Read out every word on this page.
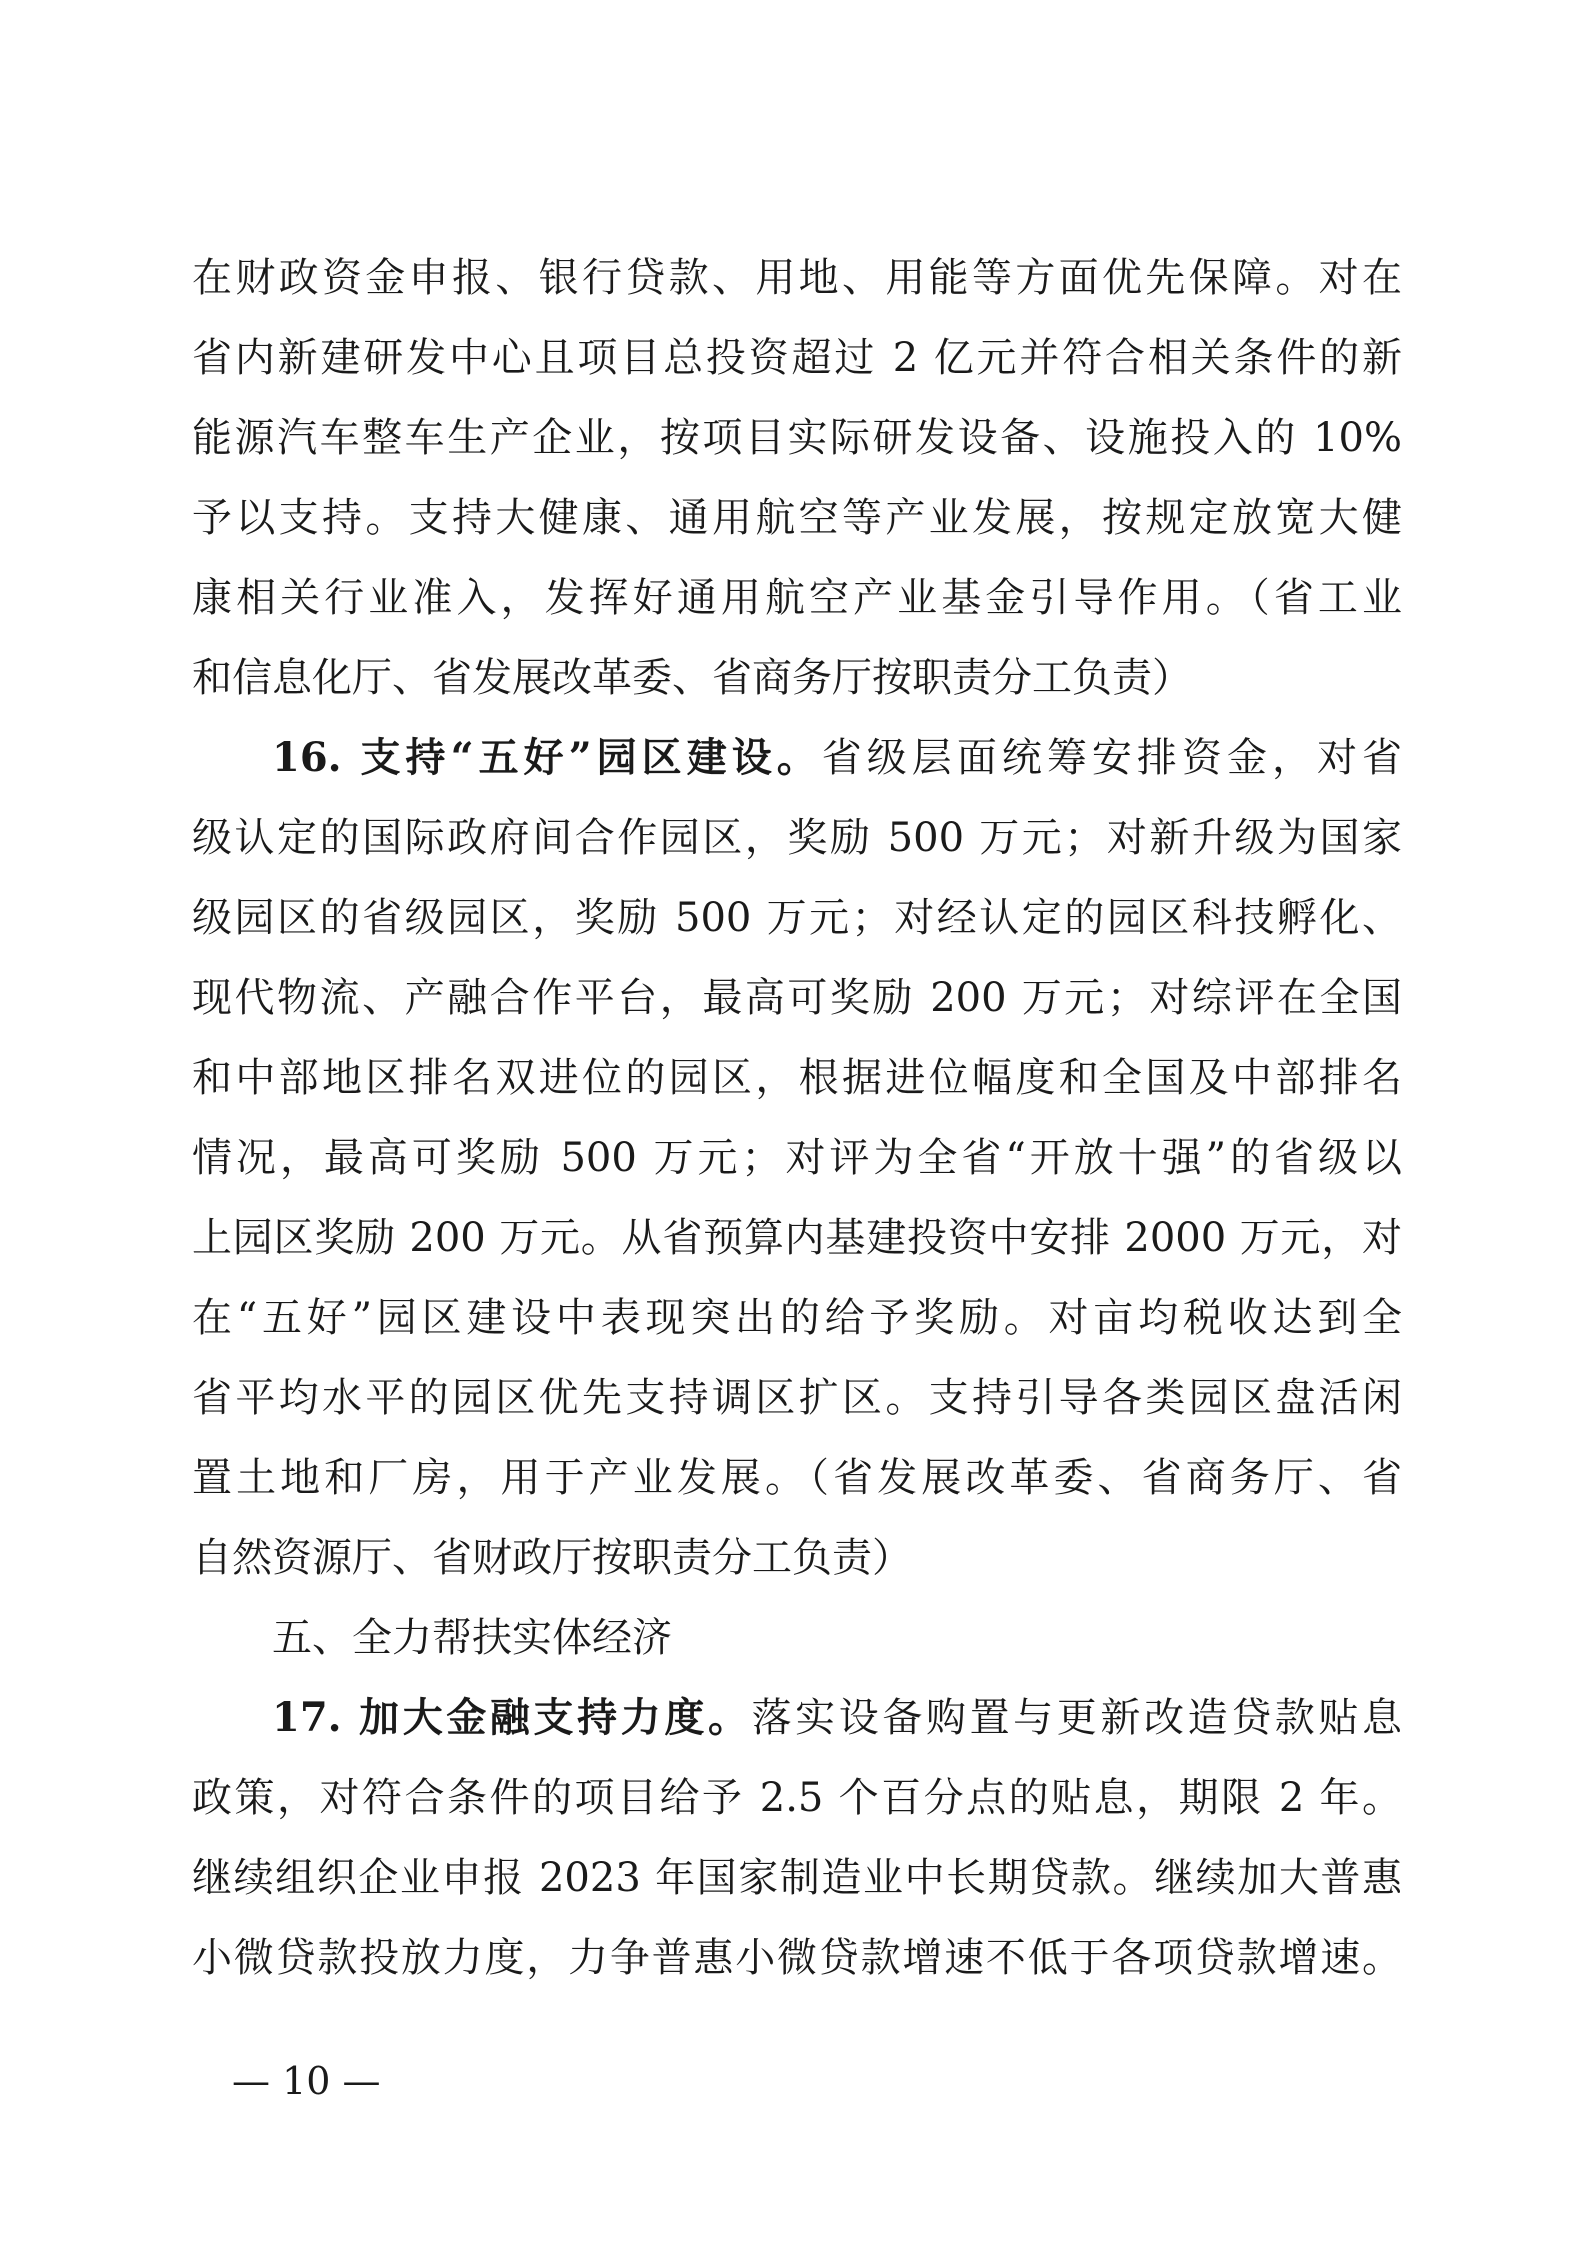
在财政资金申报、银行贷款、用地、用能等方面优先保障。对在
省内新建研发中心且项目总投资超过 2 亿元并符合相关条件的新
能源汽车整车生产企业，按项目实际研发设备、设施投入的 10%
予以支持。支持大健康、通用航空等产业发展，按规定放宽大健
康相关行业准入，发挥好通用航空产业基金引导作用。（省工业
和信息化厅、省发展改革委、省商务厅按职责分工负责）
16. 支持“五好”园区建设。省级层面统筹安排资金，对省
级认定的国际政府间合作园区，奖励 500 万元；对新升级为国家
级园区的省级园区，奖励 500 万元；对经认定的园区科技孵化、
现代物流、产融合作平台，最高可奖励 200 万元；对综评在全国
和中部地区排名双进位的园区，根据进位幅度和全国及中部排名
情况，最高可奖励 500 万元；对评为全省“开放十强”的省级以
上园区奖励 200 万元。从省预算内基建投资中安排 2000 万元，对
在“五好”园区建设中表现突出的给予奖励。对亩均税收达到全
省平均水平的园区优先支持调区扩区。支持引导各类园区盘活闲
置土地和厂房，用于产业发展。（省发展改革委、省商务厅、省
自然资源厅、省财政厅按职责分工负责）
五、全力帮扶实体经济
17. 加大金融支持力度。落实设备购置与更新改造贷款贴息
政策，对符合条件的项目给予 2.5 个百分点的贴息，期限 2 年。
继续组织企业申报 2023 年国家制造业中长期贷款。继续加大普惠
小微贷款投放力度，力争普惠小微贷款增速不低于各项贷款增速。
— 10 —
